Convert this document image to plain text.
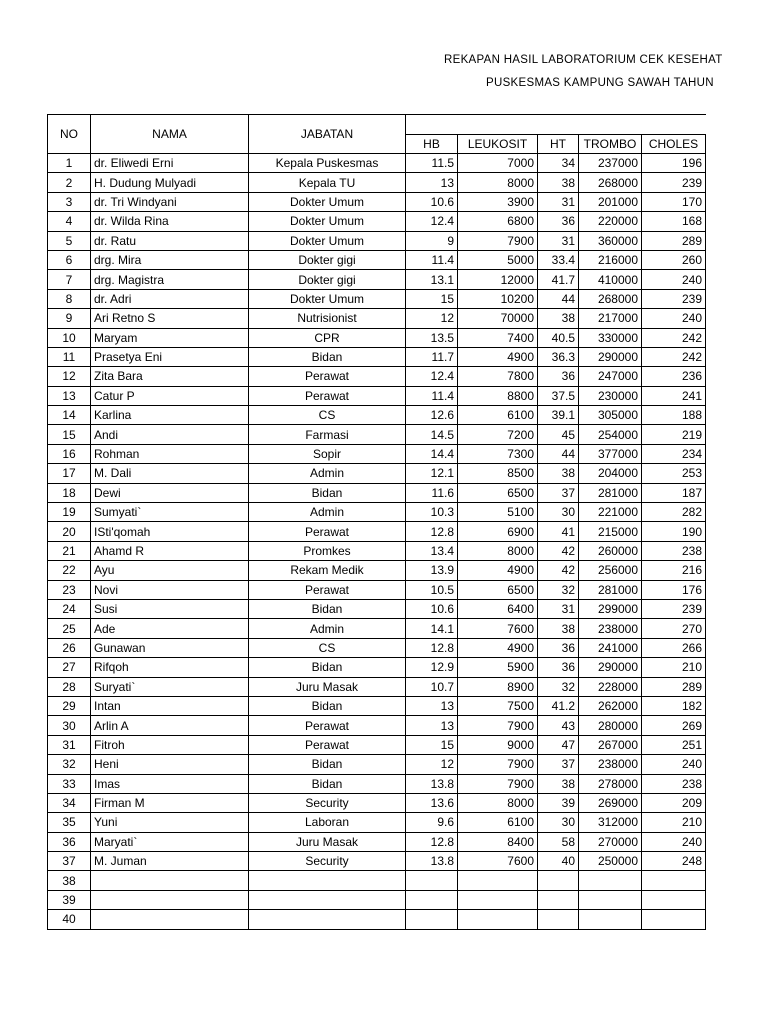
REKAPAN HASIL LABORATORIUM CEK KESEHAT
PUSKESMAS KAMPUNG SAWAH TAHUN
NO	NAMA	JABATAN					
			HB	LEUKOSIT	HT	TROMBO	CHOLES
1	dr. Eliwedi Erni	Kepala Puskesmas	11.5	7000	34	237000	196
2	H. Dudung Mulyadi	Kepala TU	13	8000	38	268000	239
3	dr. Tri Windyani	Dokter Umum	10.6	3900	31	201000	170
4	dr. Wilda Rina	Dokter Umum	12.4	6800	36	220000	168
5	dr. Ratu	Dokter Umum	9	7900	31	360000	289
6	drg. Mira	Dokter gigi	11.4	5000	33.4	216000	260
7	drg. Magistra	Dokter gigi	13.1	12000	41.7	410000	240
8	dr. Adri	Dokter Umum	15	10200	44	268000	239
9	Ari Retno S	Nutrisionist	12	70000	38	217000	240
10	Maryam	CPR	13.5	7400	40.5	330000	242
11	Prasetya Eni	Bidan	11.7	4900	36.3	290000	242
12	Zita Bara	Perawat	12.4	7800	36	247000	236
13	Catur P	Perawat	11.4	8800	37.5	230000	241
14	Karlina	CS	12.6	6100	39.1	305000	188
15	Andi	Farmasi	14.5	7200	45	254000	219
16	Rohman	Sopir	14.4	7300	44	377000	234
17	M. Dali	Admin	12.1	8500	38	204000	253
18	Dewi	Bidan	11.6	6500	37	281000	187
19	Sumyati`	Admin	10.3	5100	30	221000	282
20	ISti'qomah	Perawat	12.8	6900	41	215000	190
21	Ahamd R	Promkes	13.4	8000	42	260000	238
22	Ayu	Rekam Medik	13.9	4900	42	256000	216
23	Novi	Perawat	10.5	6500	32	281000	176
24	Susi	Bidan	10.6	6400	31	299000	239
25	Ade	Admin	14.1	7600	38	238000	270
26	Gunawan	CS	12.8	4900	36	241000	266
27	Rifqoh	Bidan	12.9	5900	36	290000	210
28	Suryati`	Juru Masak	10.7	8900	32	228000	289
29	Intan	Bidan	13	7500	41.2	262000	182
30	Arlin A	Perawat	13	7900	43	280000	269
31	Fitroh	Perawat	15	9000	47	267000	251
32	Heni	Bidan	12	7900	37	238000	240
33	Imas	Bidan	13.8	7900	38	278000	238
34	Firman M	Security	13.6	8000	39	269000	209
35	Yuni	Laboran	9.6	6100	30	312000	210
36	Maryati`	Juru Masak	12.8	8400	58	270000	240
37	M. Juman	Security	13.8	7600	40	250000	248
38							
39							
40							
